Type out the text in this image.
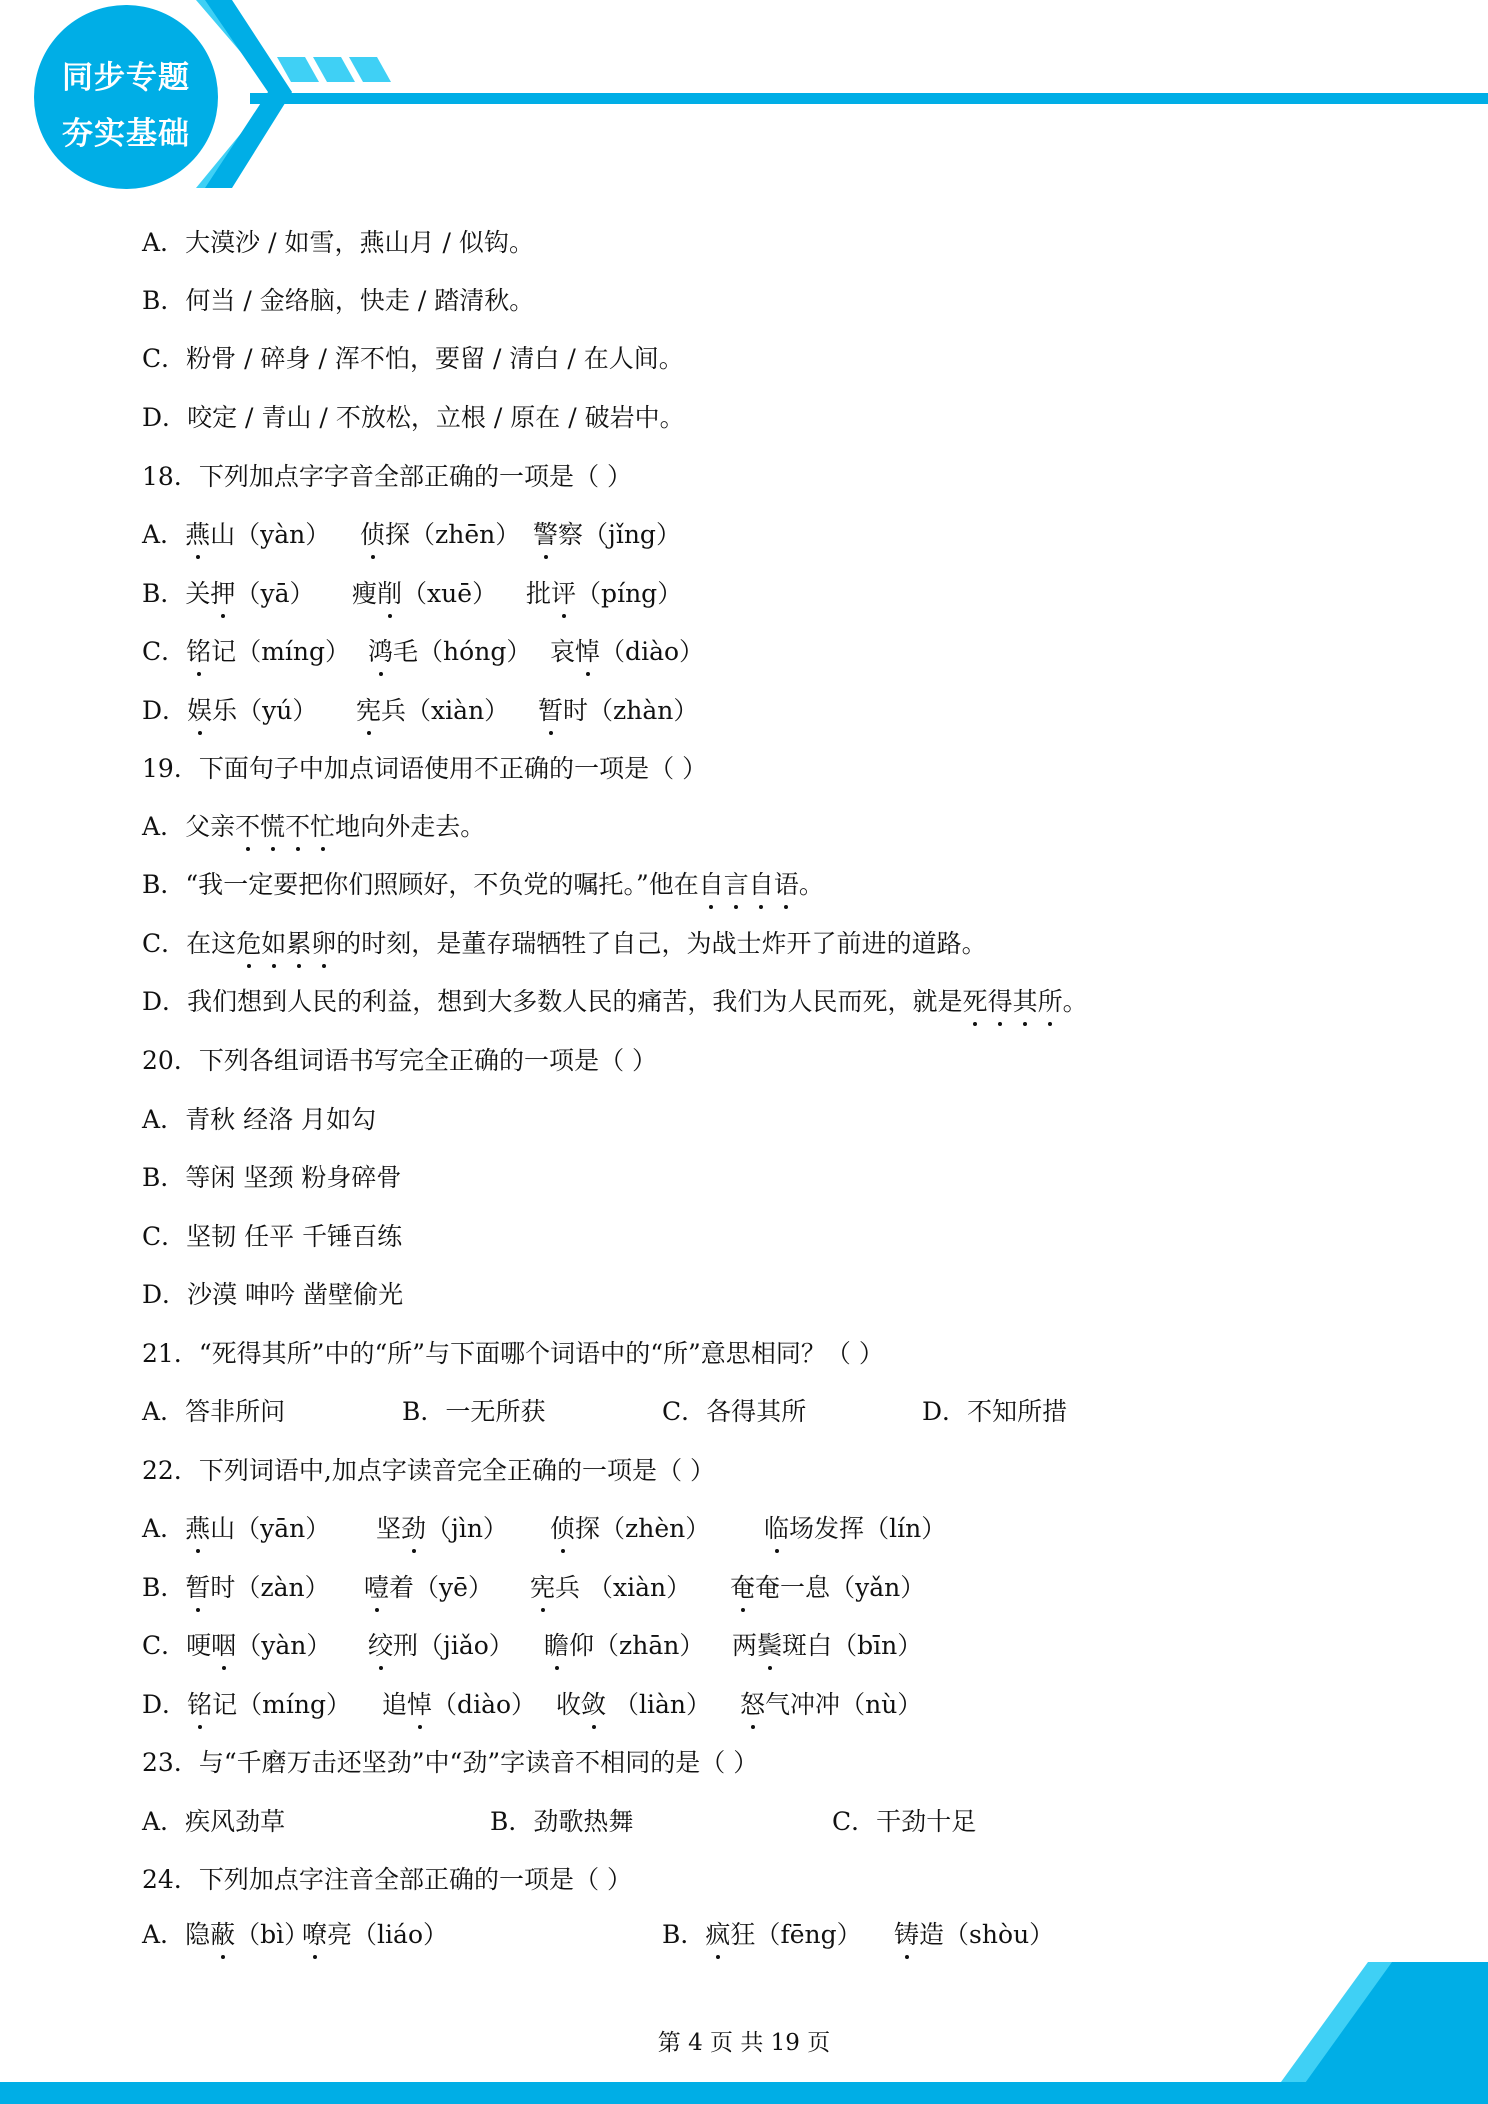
同步专题
夯实基础
A．大漠沙 / 如雪，燕山月 / 似钩。
B．何当 / 金络脑，快走 / 踏清秋。
C．粉骨 / 碎身 / 浑不怕，要留 / 清白 / 在人间。
D．咬定 / 青山 / 不放松，立根 / 原在 / 破岩中。
18．下列加点字字音全部正确的一项是（ ）
A．燕山（yàn） 侦探（zhēn） 警察（jǐng）
B．关押（yā） 瘦削（xuē） 批评（píng）
C．铭记（míng） 鸿毛（hóng） 哀悼（diào）
D．娱乐（yú） 宪兵（xiàn） 暂时（zhàn）
19．下面句子中加点词语使用不正确的一项是（ ）
A．父亲不慌不忙地向外走去。
B．“我一定要把你们照顾好，不负党的嘱托。”他在自言自语。
C．在这危如累卵的时刻，是董存瑞牺牲了自己，为战士炸开了前进的道路。
D．我们想到人民的利益，想到大多数人民的痛苦，我们为人民而死，就是死得其所。
20．下列各组词语书写完全正确的一项是（ ）
A．青秋 经洛 月如勾
B．等闲 坚颈 粉身碎骨
C．坚韧 任平 千锤百练
D．沙漠 呻吟 凿壁偷光
21．“死得其所”中的“所”与下面哪个词语中的“所”意思相同？（ ）
A．答非所问	B．一无所获	C．各得其所	D．不知所措
22．下列词语中,加点字读音完全正确的一项是（ ）
A．燕山（yān） 坚劲（jìn） 侦探（zhèn） 临场发挥（lín）
B．暂时（zàn） 噎着（yē） 宪兵 （xiàn） 奄奄一息（yǎn）
C．哽咽（yàn） 绞刑（jiǎo） 瞻仰（zhān） 两鬓斑白（bīn）
D．铭记（míng） 追悼（diào） 收敛 （liàn） 怒气冲冲（nù）
23．与“千磨万击还坚劲”中“劲”字读音不相同的是（ ）
A．疾风劲草	B．劲歌热舞	C．干劲十足
24．下列加点字注音全部正确的一项是（ ）
A．隐蔽（bì）
嘹亮（liáo）	B．疯狂（fēng） 铸造（shòu）
第 4 页 共 19 页
